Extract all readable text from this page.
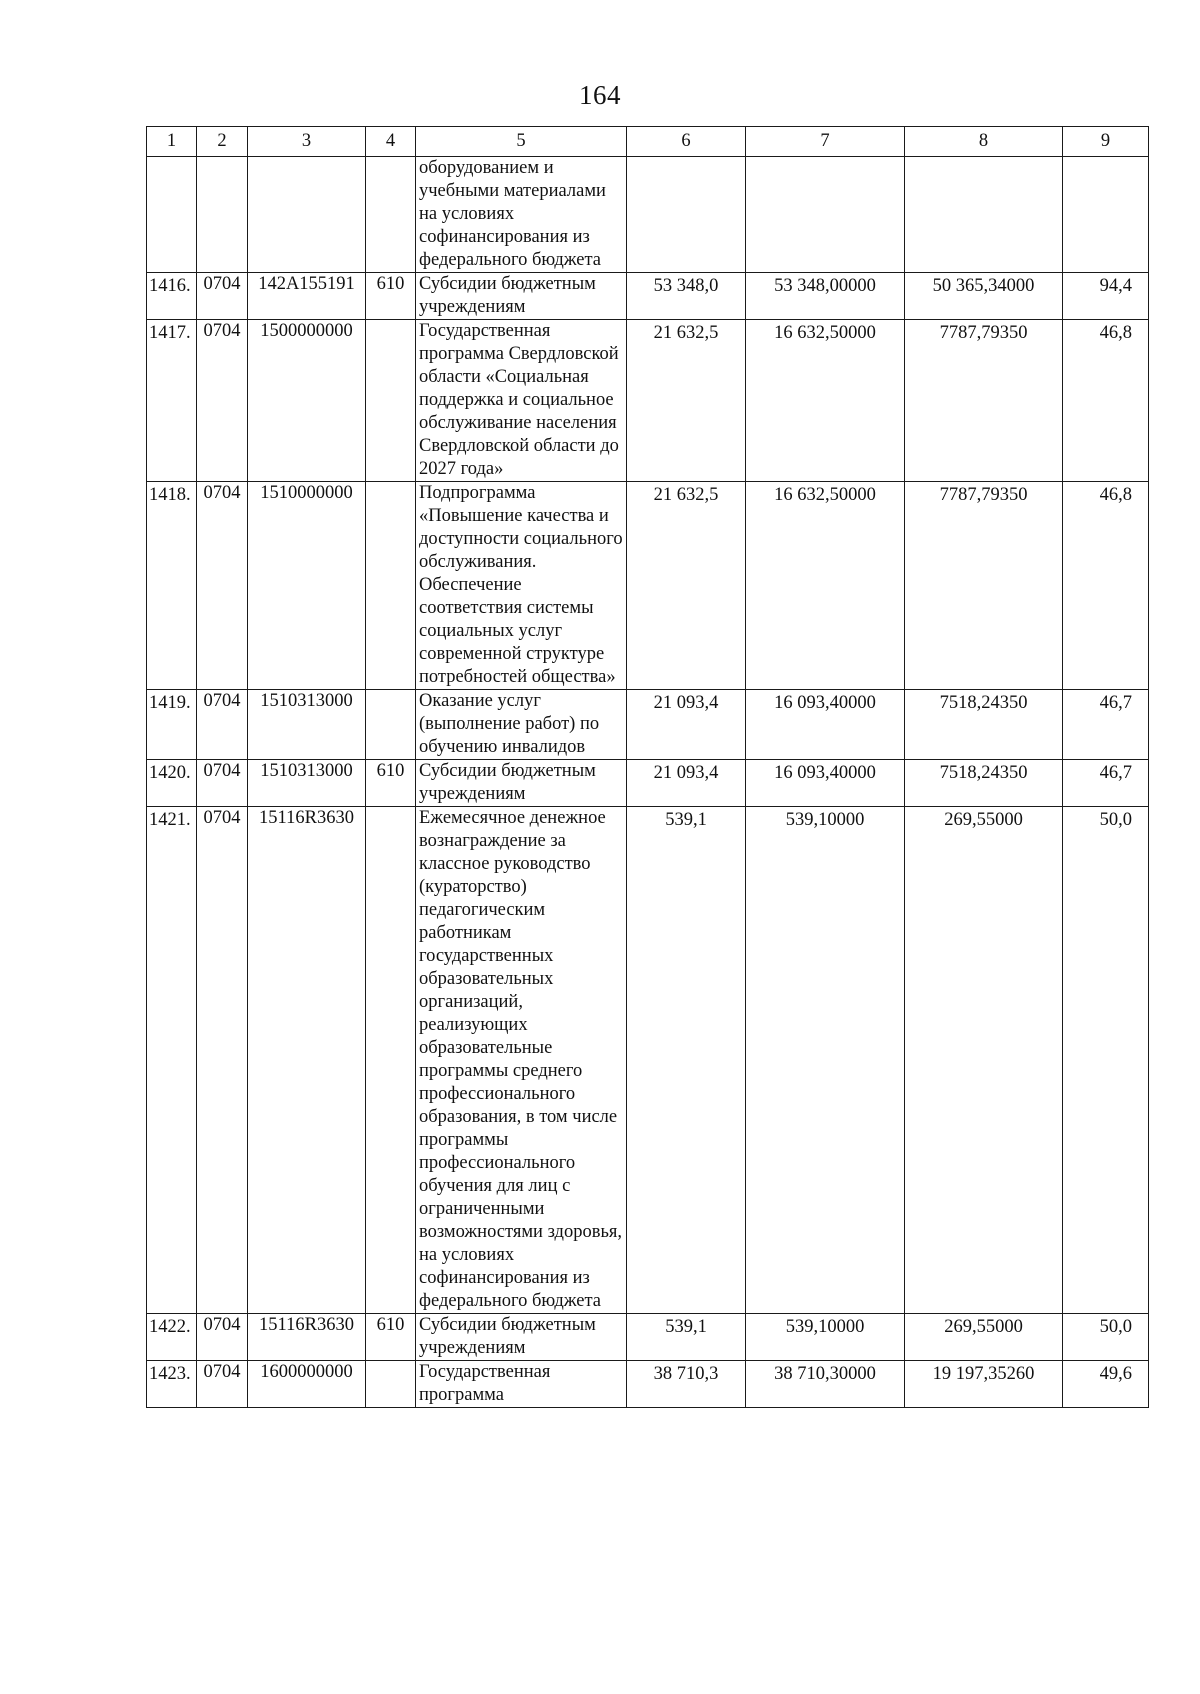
164
1	2	3	4	5	6	7	8	9
				оборудованием и учебными материалами на условиях софинансирования из федерального бюджета				
1416.	0704	142A155191	610	Субсидии бюджетным учреждениям	53 348,0	53 348,00000	50 365,34000	94,4
1417.	0704	1500000000		Государственная программа Свердловской области «Социальная поддержка и социальное обслуживание населения Свердловской области до 2027 года»	21 632,5	16 632,50000	7787,79350	46,8
1418.	0704	1510000000		Подпрограмма «Повышение качества и доступности социального обслуживания. Обеспечение соответствия системы социальных услуг современной структуре потребностей общества»	21 632,5	16 632,50000	7787,79350	46,8
1419.	0704	1510313000		Оказание услуг (выполнение работ) по обучению инвалидов	21 093,4	16 093,40000	7518,24350	46,7
1420.	0704	1510313000	610	Субсидии бюджетным учреждениям	21 093,4	16 093,40000	7518,24350	46,7
1421.	0704	15116R3630		Ежемесячное денежное вознаграждение за классное руководство (кураторство) педагогическим работникам государственных образовательных организаций, реализующих образовательные программы среднего профессионального образования, в том числе программы профессионального обучения для лиц с ограниченными возможностями здоровья, на условиях софинансирования из федерального бюджета	539,1	539,10000	269,55000	50,0
1422.	0704	15116R3630	610	Субсидии бюджетным учреждениям	539,1	539,10000	269,55000	50,0
1423.	0704	1600000000		Государственная программа	38 710,3	38 710,30000	19 197,35260	49,6
